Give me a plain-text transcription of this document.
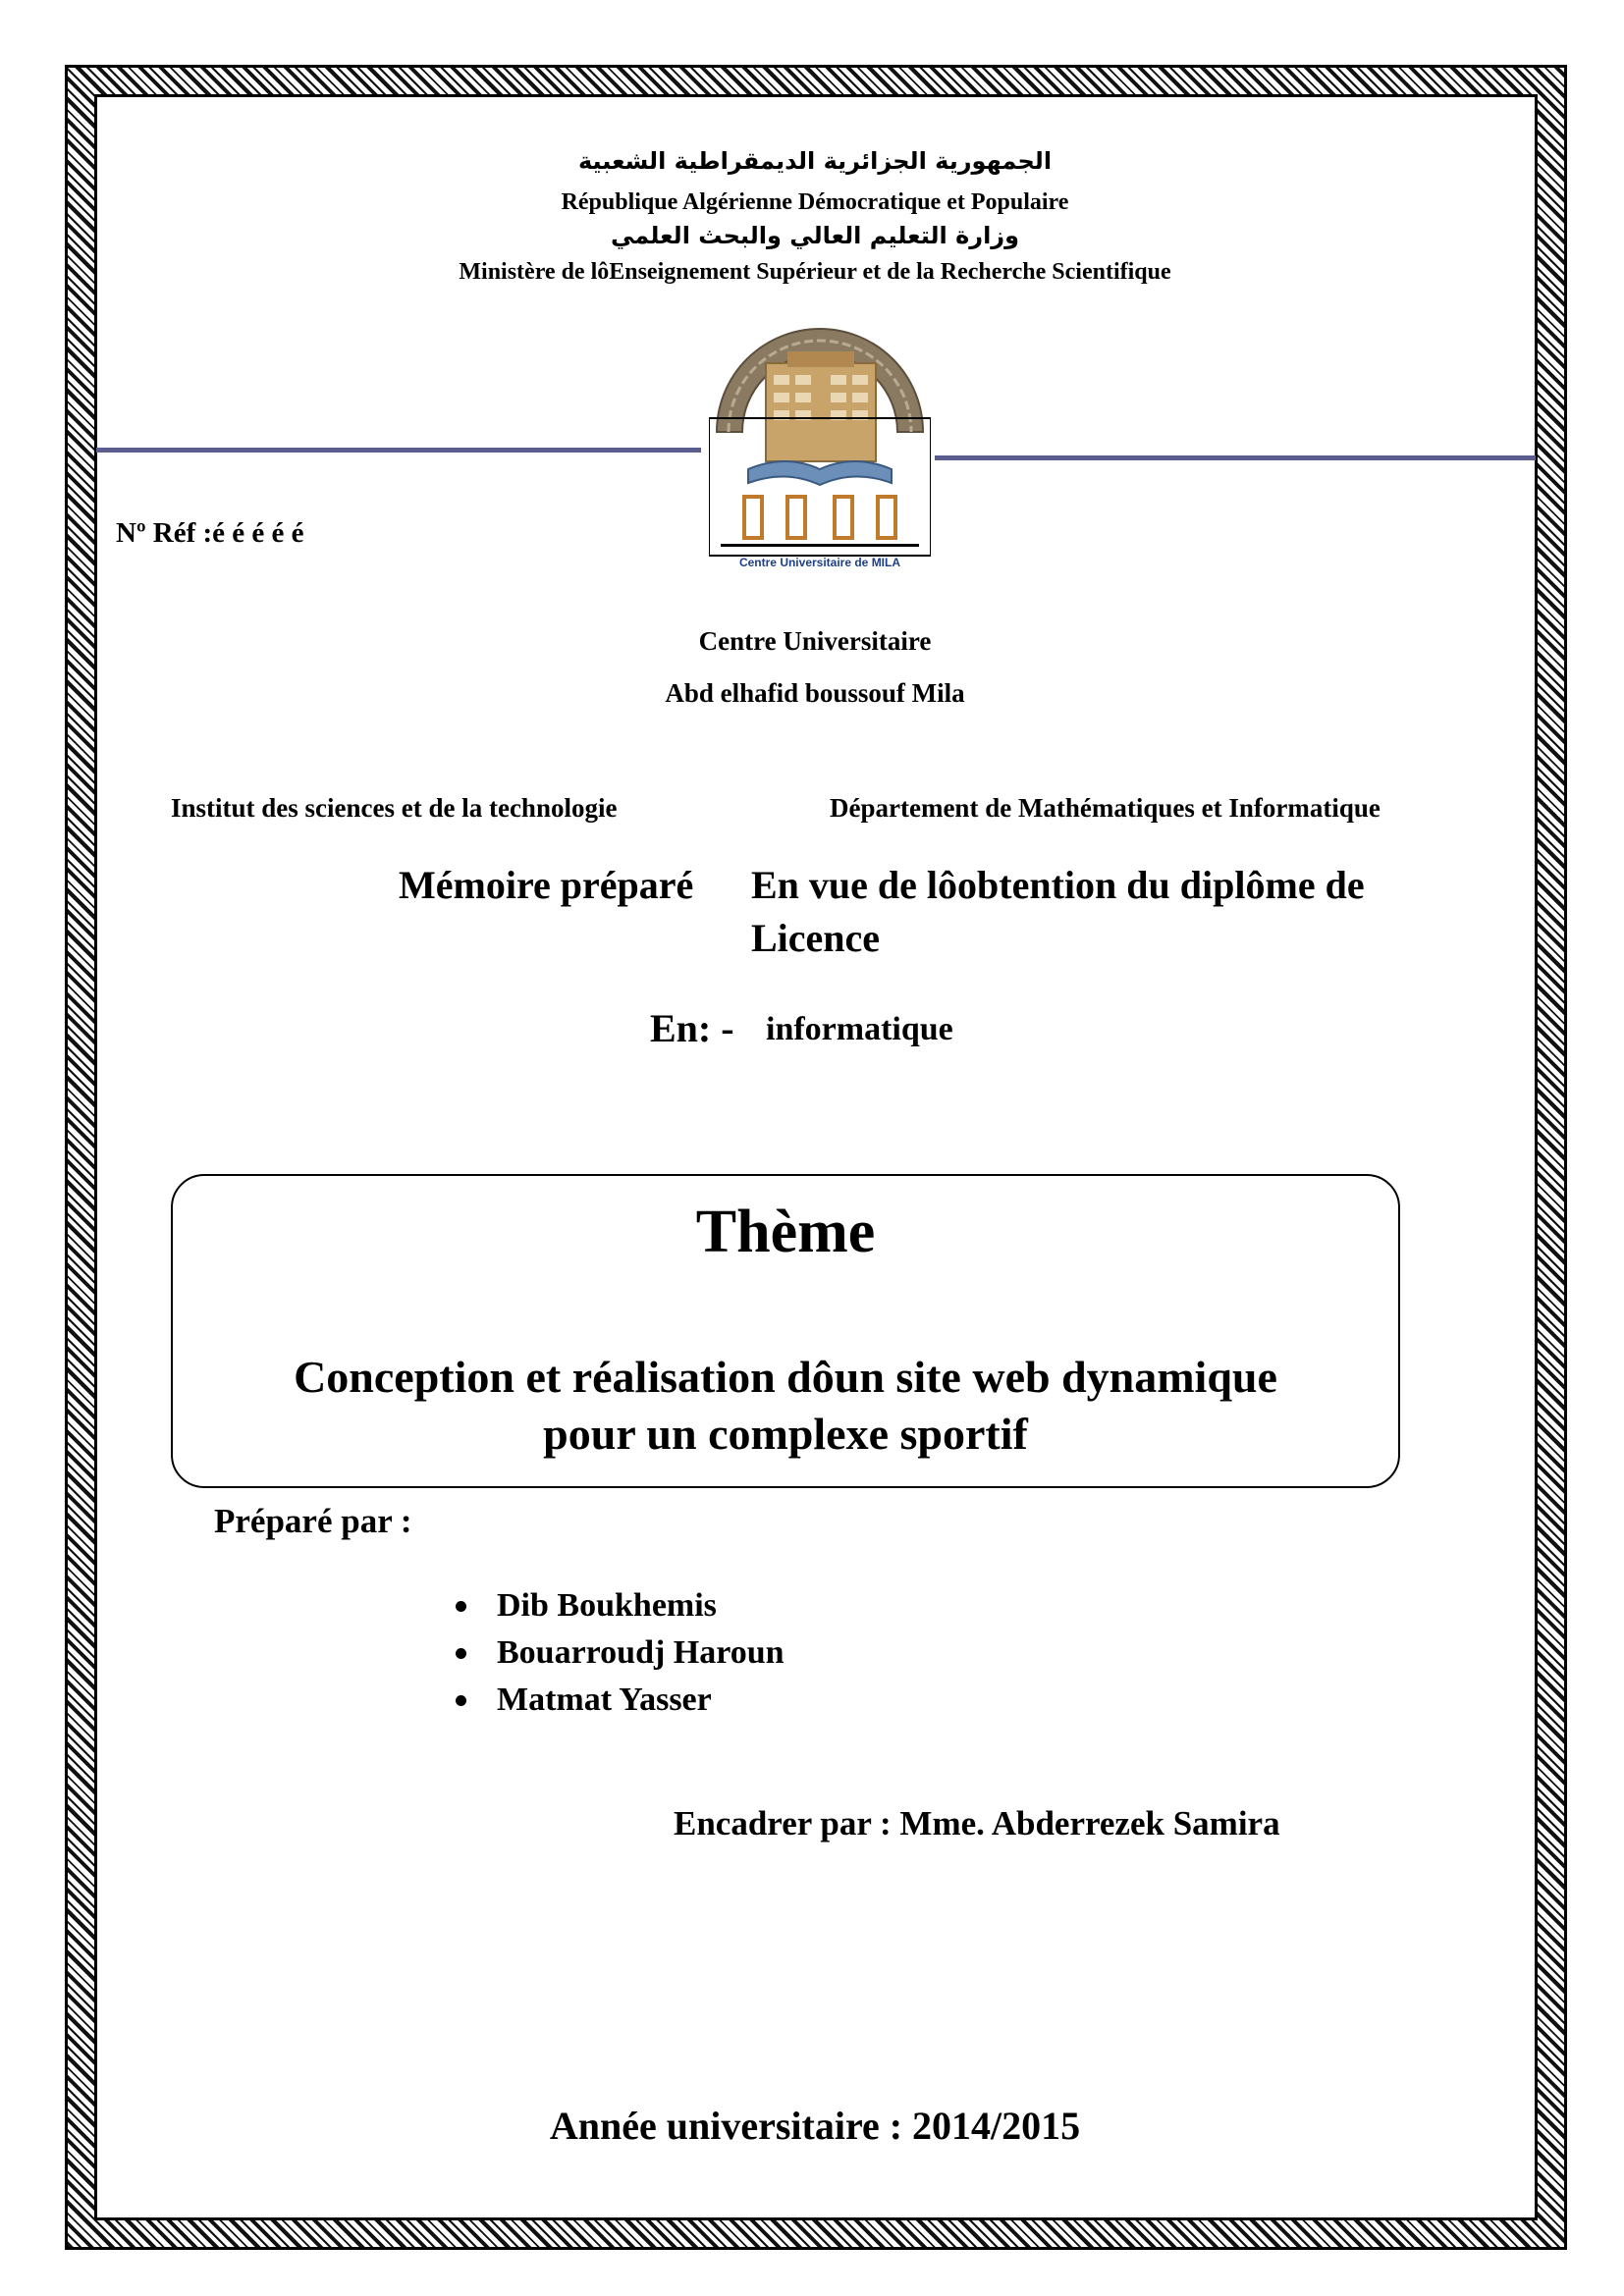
الجمهورية الجزائرية الديمقراطية الشعبية
République Algérienne Démocratique et Populaire
وزارة التعليم العالي والبحث العلمي
Ministère de lôEnseignement Supérieur et de la Recherche Scientifique
Nº Réf :é é é é é
Centre Universitaire de MILA
Centre Universitaire
Abd elhafid boussouf Mila
Institut des sciences et de la technologie	Département de Mathématiques et Informatique
Mémoire préparé En vue de lôobtention du diplôme de
Licence
En: - informatique
Thème
Conception et réalisation dôun site web dynamique
pour un complexe sportif
Préparé par :
Dib Boukhemis
Bouarroudj Haroun
Matmat Yasser
Encadrer par : Mme. Abderrezek Samira
Année universitaire : 2014/2015
